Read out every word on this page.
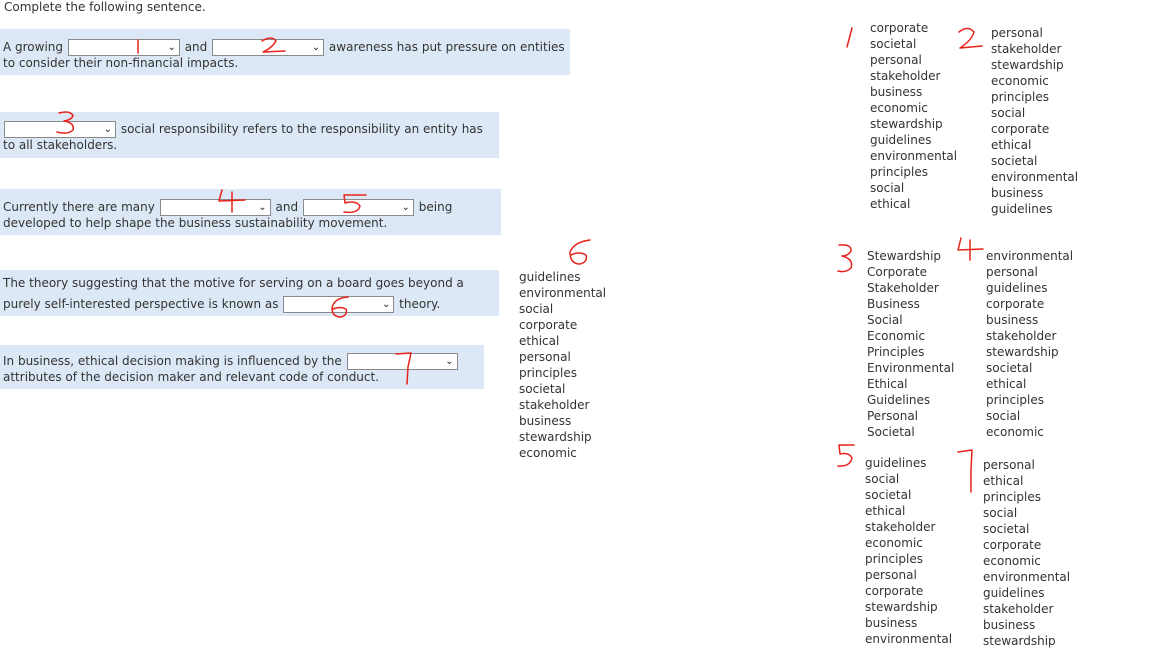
Complete the following sentence.
A growing	⌄ and	⌄ awareness has put pressure on entities
to consider their non-financial impacts.
⌄ social responsibility refers to the responsibility an entity has
to all stakeholders.
Currently there are many	⌄ and	⌄ being
developed to help shape the business sustainability movement.
The theory suggesting that the motive for serving on a board goes beyond a
purely self-interested perspective is known as	⌄ theory.
In business, ethical decision making is influenced by the	⌄
attributes of the decision maker and relevant code of conduct.
corporate
societal
personal
stakeholder
business
economic
stewardship
guidelines
environmental
principles
social
ethical
personal
stakeholder
stewardship
economic
principles
social
corporate
ethical
societal
environmental
business
guidelines
Stewardship
Corporate
Stakeholder
Business
Social
Economic
Principles
Environmental
Ethical
Guidelines
Personal
Societal
environmental
personal
guidelines
corporate
business
stakeholder
stewardship
societal
ethical
principles
social
economic
guidelines
social
societal
ethical
stakeholder
economic
principles
personal
corporate
stewardship
business
environmental
guidelines
environmental
social
corporate
ethical
personal
principles
societal
stakeholder
business
stewardship
economic
personal
ethical
principles
social
societal
corporate
economic
environmental
guidelines
stakeholder
business
stewardship
